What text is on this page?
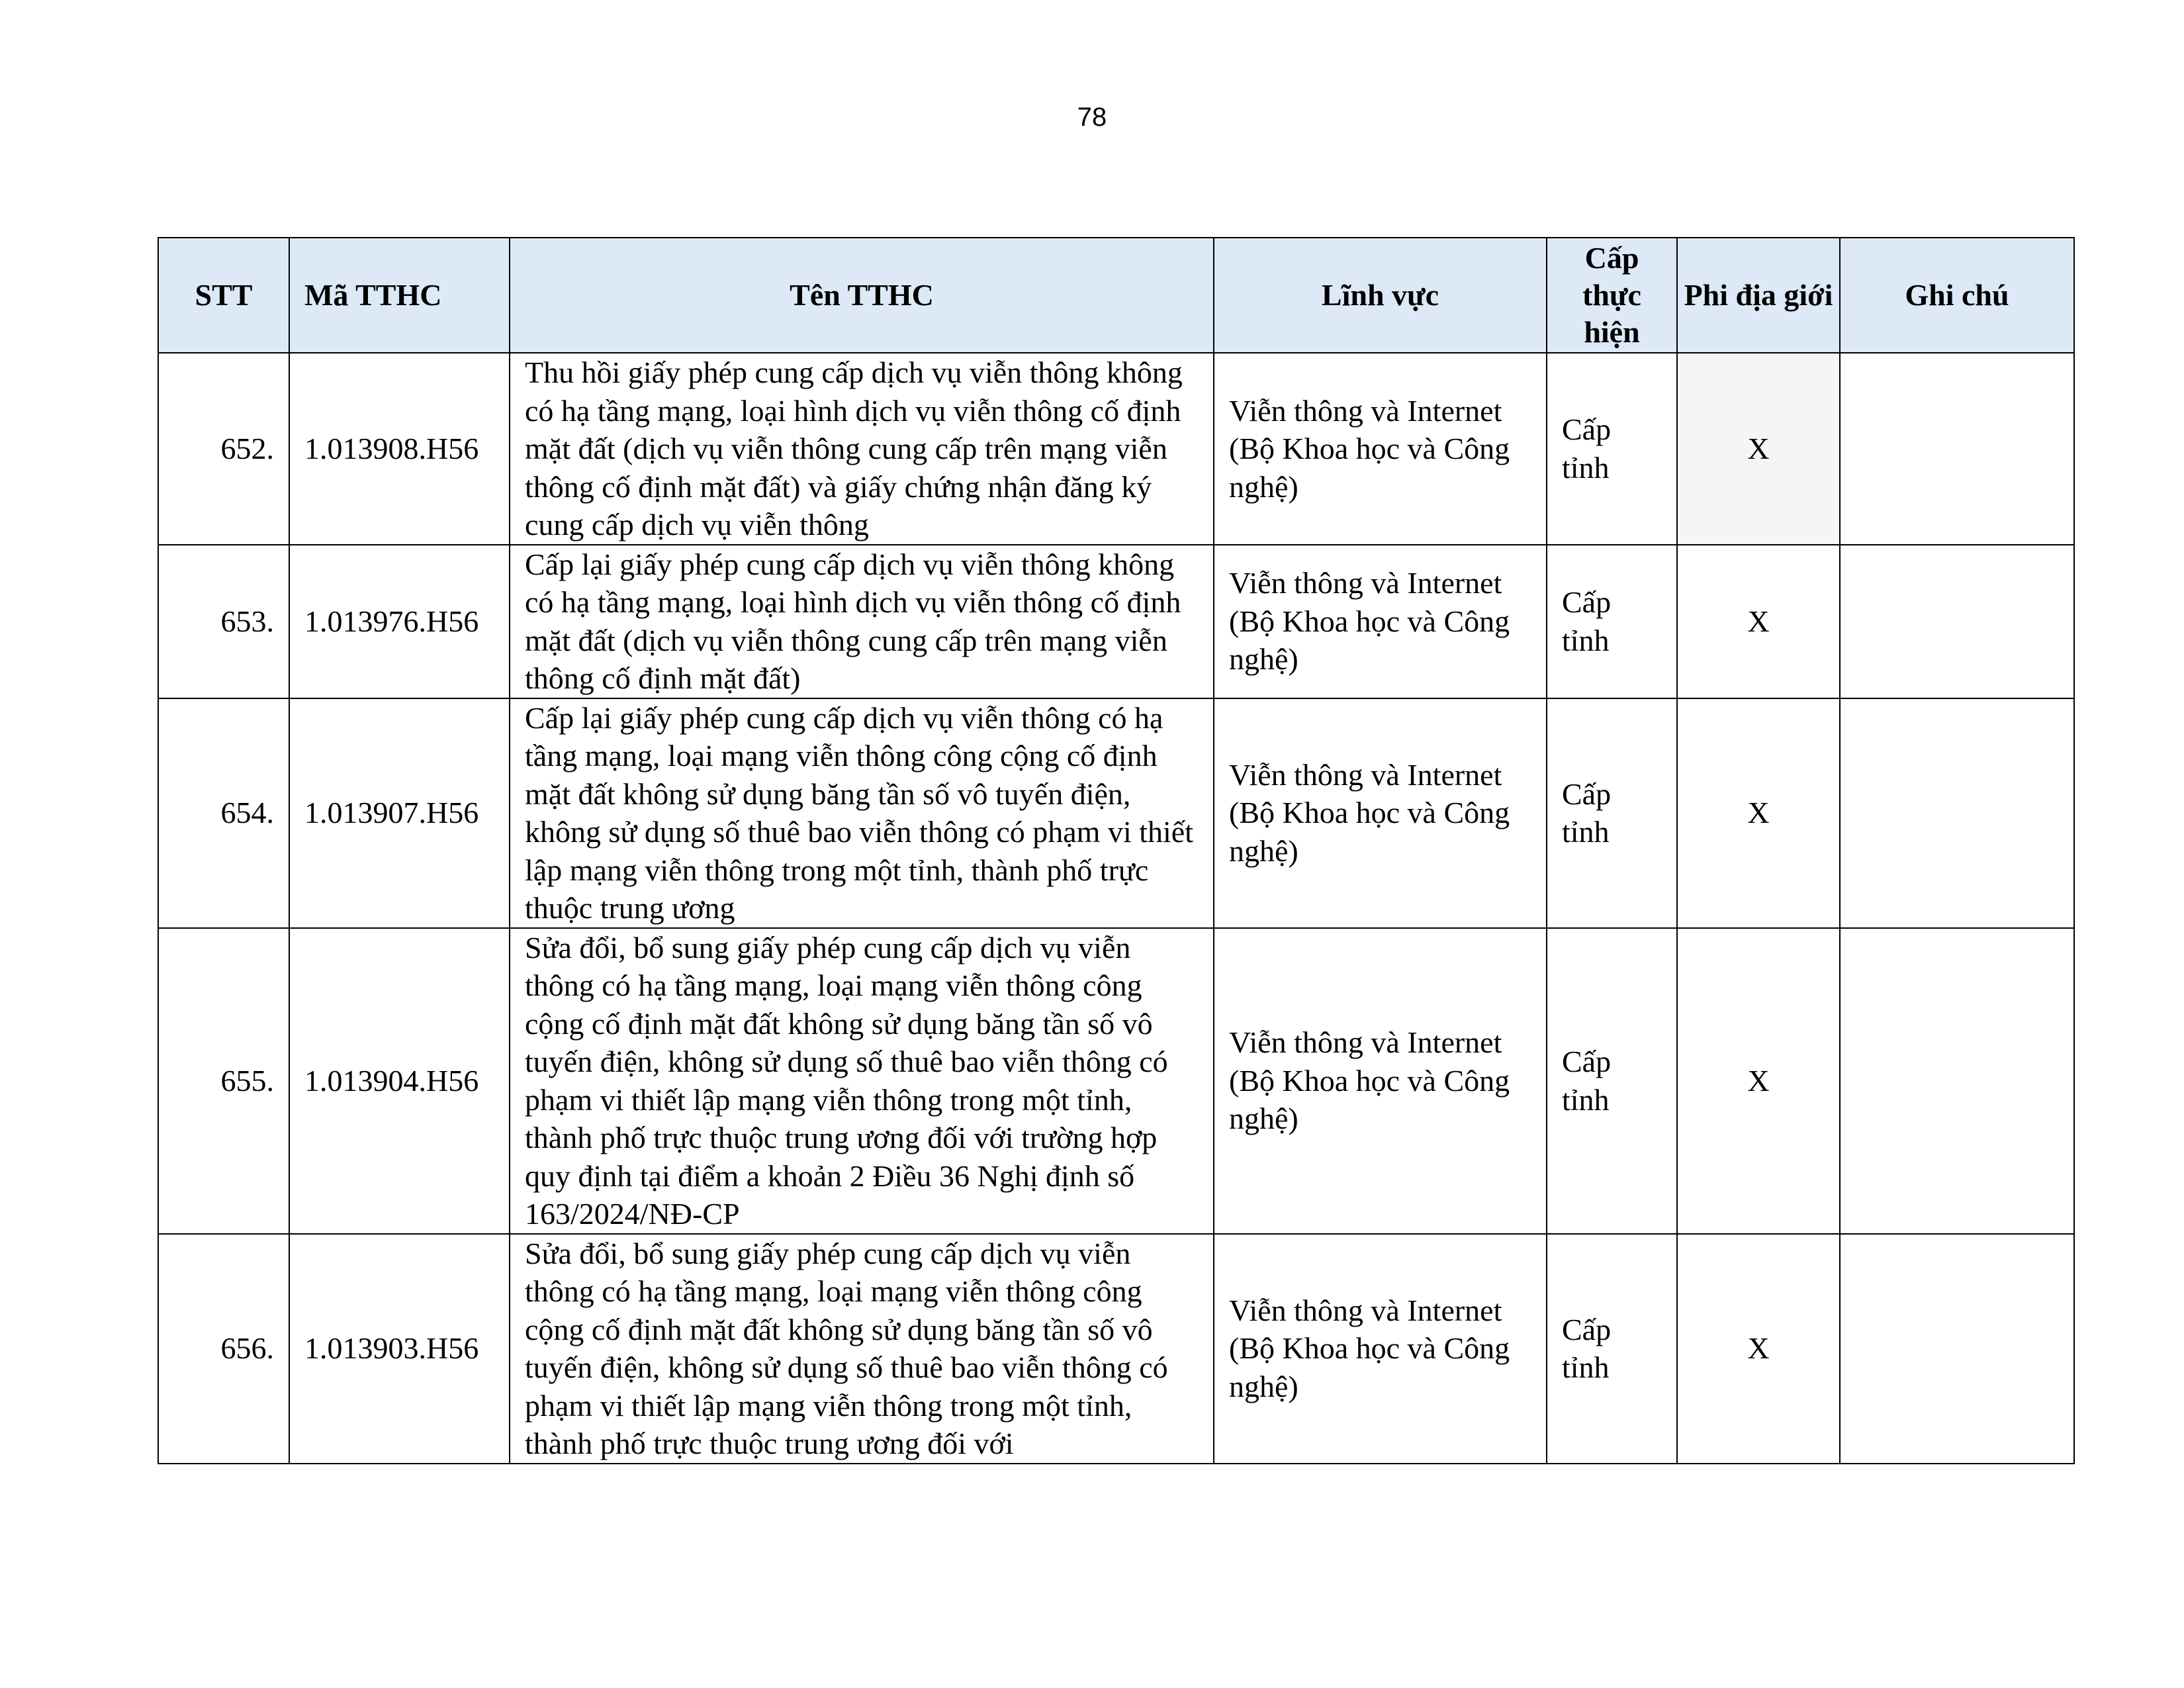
78
STT	Mã TTHC	Tên TTHC	Lĩnh vực	Cấp thực hiện	Phi địa giới	Ghi chú
652.	1.013908.H56	Thu hồi giấy phép cung cấp dịch vụ viễn thông không có hạ tầng mạng, loại hình dịch vụ viễn thông cố định mặt đất (dịch vụ viễn thông cung cấp trên mạng viễn thông cố định mặt đất) và giấy chứng nhận đăng ký cung cấp dịch vụ viễn thông	Viễn thông và Internet (Bộ Khoa học và Công nghệ)	Cấp tỉnh	X	
653.	1.013976.H56	Cấp lại giấy phép cung cấp dịch vụ viễn thông không có hạ tầng mạng, loại hình dịch vụ viễn thông cố định mặt đất (dịch vụ viễn thông cung cấp trên mạng viễn thông cố định mặt đất)	Viễn thông và Internet (Bộ Khoa học và Công nghệ)	Cấp tỉnh	X	
654.	1.013907.H56	Cấp lại giấy phép cung cấp dịch vụ viễn thông có hạ tầng mạng, loại mạng viễn thông công cộng cố định mặt đất không sử dụng băng tần số vô tuyến điện, không sử dụng số thuê bao viễn thông có phạm vi thiết lập mạng viễn thông trong một tỉnh, thành phố trực thuộc trung ương	Viễn thông và Internet (Bộ Khoa học và Công nghệ)	Cấp tỉnh	X	
655.	1.013904.H56	Sửa đổi, bổ sung giấy phép cung cấp dịch vụ viễn thông có hạ tầng mạng, loại mạng viễn thông công cộng cố định mặt đất không sử dụng băng tần số vô tuyến điện, không sử dụng số thuê bao viễn thông có phạm vi thiết lập mạng viễn thông trong một tỉnh, thành phố trực thuộc trung ương đối với trường hợp quy định tại điểm a khoản 2 Điều 36 Nghị định số 163/2024/NĐ-CP	Viễn thông và Internet (Bộ Khoa học và Công nghệ)	Cấp tỉnh	X	
656.	1.013903.H56	Sửa đổi, bổ sung giấy phép cung cấp dịch vụ viễn thông có hạ tầng mạng, loại mạng viễn thông công cộng cố định mặt đất không sử dụng băng tần số vô tuyến điện, không sử dụng số thuê bao viễn thông có phạm vi thiết lập mạng viễn thông trong một tỉnh, thành phố trực thuộc trung ương đối với	Viễn thông và Internet (Bộ Khoa học và Công nghệ)	Cấp tỉnh	X	
